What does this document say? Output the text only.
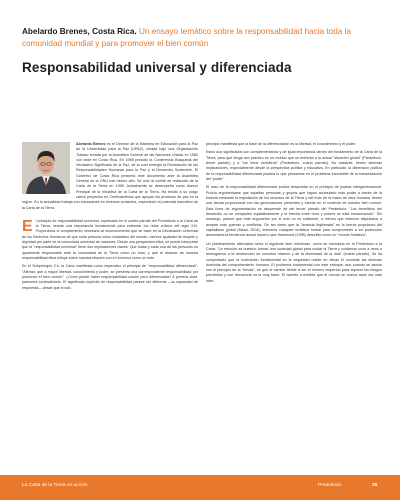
Abelardo Brenes, Costa Rica. Un ensayo temático sobre la responsabilidad hacia toda la comunidad mundial y para promover el bien común
Responsabilidad universal y diferenciada
Abelardo Brenes es el Director de la Maestría en Educación para la Paz de la Universidad para la Paz (UPAZ), creada bajo una Organización Tratado creada por la Asamblea General de las Naciones Unidas en 1980 con sede en Costa Rica. En 1998 presidió la Conferencia Búsqueda del Verdadero Significado de la Paz, de la cual emergió la Declaración de las Responsabilidades Humanas para la Paz y el Desarrollo Sostenible. El Gobierno de Costa Rica presentó este documento ante la Asamblea General de la ONU ese mismo año. Se unió al comité de redacción de la Carta de la Tierra en 1998. Actualmente se desempeña como Asesor Principal de la Iniciativa de la Carta de la Tierra. Ha tenido a su cargo varios proyectos en Centroamérica que apoyan los procesos de paz en la región. En la actualidad trabaja con educadores en diversos contextos, explorando el potencial educativo de la Carta de la Tierra.

El principio de responsabilidad universal, expresado en el cuarto párrafo del Preámbulo a la Carta de la Tierra, reviste una importancia fundamental para enfrentar los retos críticos del siglo XXI. Proporciona el complemento necesario al reconocimiento que se hace en la Declaración Universal de los Derechos Humanos de que cada persona como ciudadano del mundo, merece igualdad de respeto y dignidad por parte de la comunidad universal de naciones. Desde una perspectiva ética, se puede interpretar que la "responsabilidad universal" tiene dos implicaciones claves: Que todas y cada una de las personas es igualmente responsable ante la comunidad de la Tierra como un todo, y que el alcance de nuestra responsabilidad ética influye sobre nuestra relación con el Universo como un todo.

En el Subprincipio 2.b, la Carta manifiesta como imperativo el principio de "responsabilidad diferenciada": "Afirmar, que a mayor libertad, conocimiento y poder, se presenta una correspondiente responsabilidad por promover el bien común". ¿Cómo puede haber responsabilidad común pero diferenciada? A primera vista, parecería contradictorio. El significado implícito de responsabilidad parece ser diferente —la capacidad de respuesta— desde que el sub-

principio manifiesta que la base de la diferenciación es la libertad, el conocimiento y el poder.

Estos dos significados son complementarios y de igual importancia dentro del fundamento de la Carta de la Tierra, para que tenga uso práctico en un mundo que se enfrenta a la actual "situación global" (Preámbulo, tercer párrafo) y a "los retos venideros" (Preámbulo, cuarto párrafo). No obstante, tienen diversas implicaciones, especialmente desde la perspectiva política y educativa. En particular, la dimensión política de la responsabilidad diferenciada plantea lo que pensamos en el problema irresoluble de la transmutación del "poder".

El caso de la responsabilidad diferenciada podría desarrollar en el principio de justicia intergeneracional. Podría argumentarse que aquellas personas y grupos que hayan acumulado más poder a través de la historia mediante la explotación de los recursos de la Tierra y del fruto de la mano de obra humana, tienen una deuda proporcional con las generaciones presentes y futuras en el contexto de nuestro bien común. Esta línea de argumentación se desprende de del tercer párrafo del Preámbulo: "Los beneficios del desarrollo no se comparten equitativamente y la brecha entre ricos y pobres se está ensanchando". Sin embargo, parece que este argumento por sí solo no es suficiente, a menos que estemos dispuestos a aceptar más guerras y conflictos. De ser cierto que la "avaricia legitimada" es la fuerza propulsora del capitalismo global (Mead, 2004), entonces cualquier tentativa formal para comprometer a los poderosos aumentaría la tendencia actual hacia lo que Hammond (1998) describió como un "mundo fortaleza".

Un planteamiento alternativo sería el siguiente bien informado, como se menciona en el Preámbulo a la Carta: "La elección es nuestra: formar una sociedad global para cuidar la Tierra y cuidarnos unos a otros o arriesgarnos a la destrucción de nosotros mismos y de la diversidad de la vida" (cuarto párrafo). Se ha comprobado que la motivación fundamental en la seguridad reside en eficaz el combate las diversas dominios del comportamiento humano. El problema fundamental con este enfoque, aún cuando se asocie con el principio de la "deuda", es que el cambio tiende a ser el mínimo requerido para superar los riesgos percibidos y con frecuencia va la muy tarde. El cambio a medida que el mundo se vuelva cada vez más inter-

La Carta de la Tierra en acción	Preámbulo	35
